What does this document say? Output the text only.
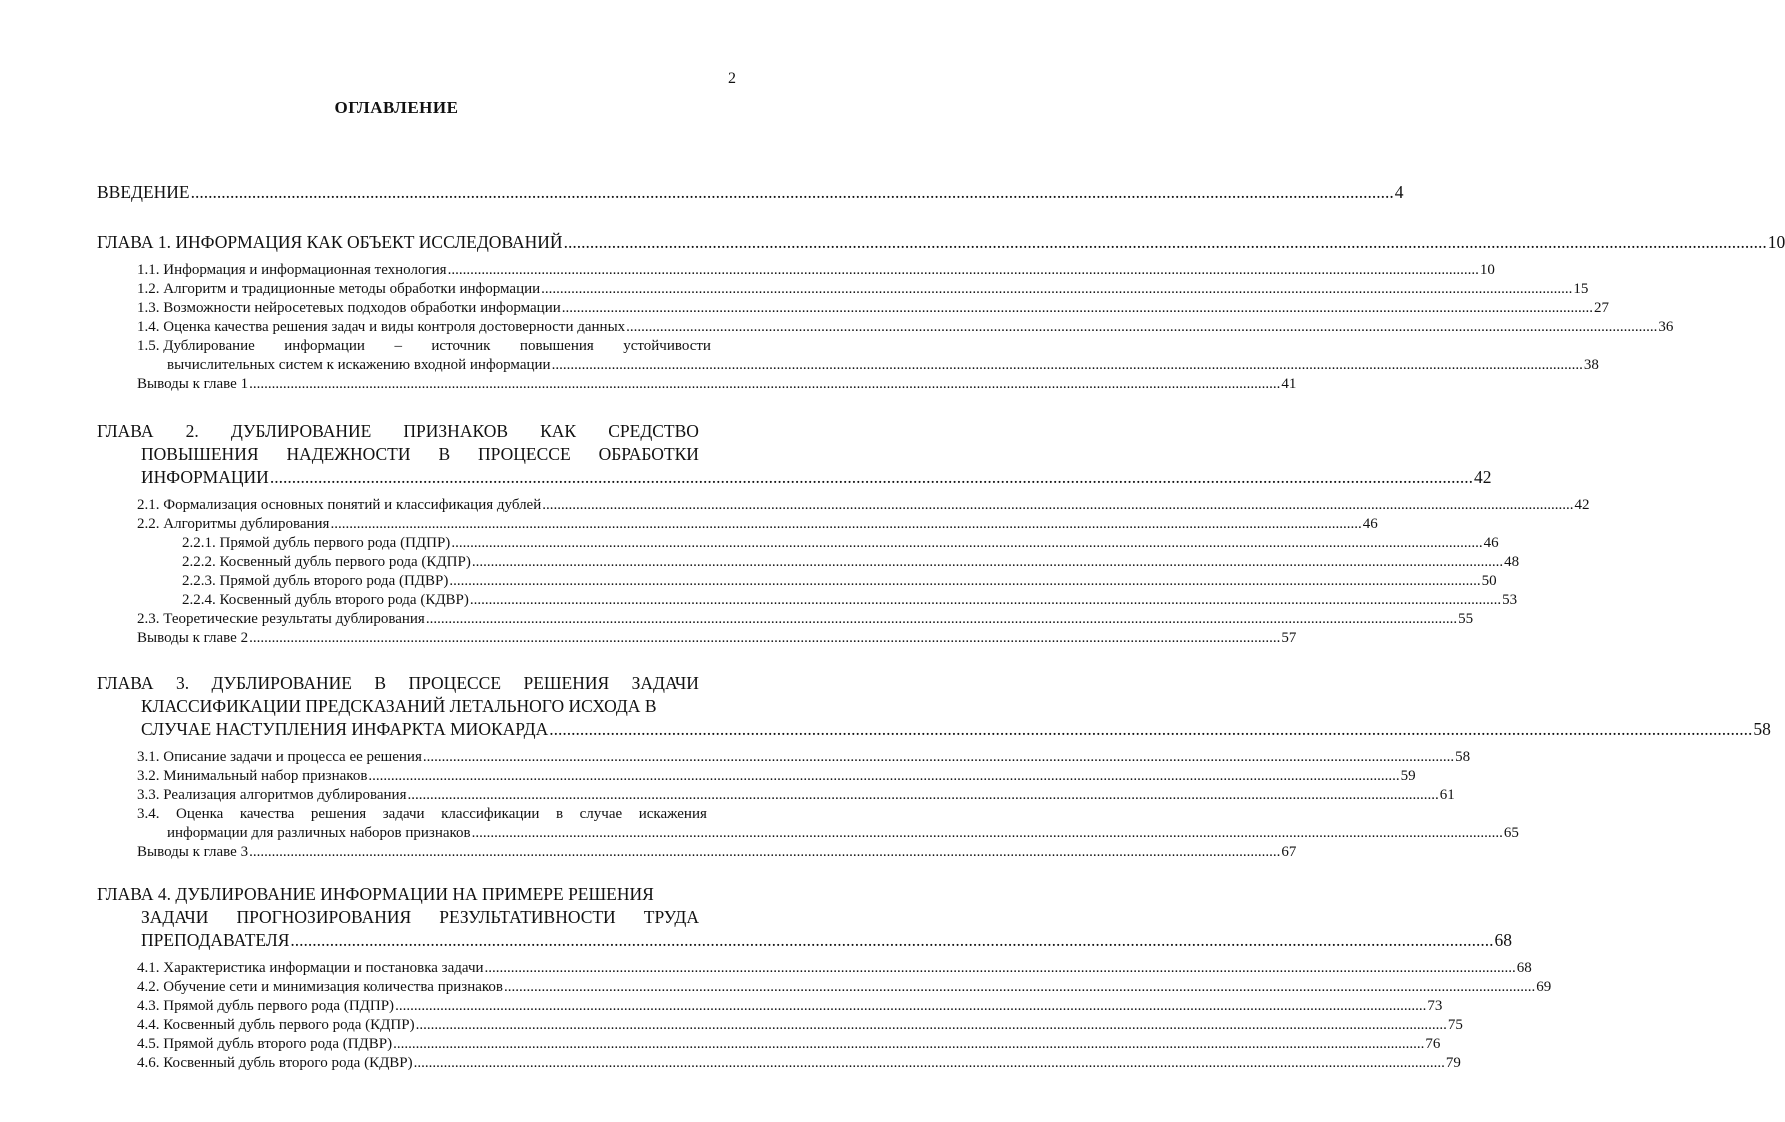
2
ОГЛАВЛЕНИЕ
ВВЕДЕНИЕ .....	4
ГЛАВА 1. ИНФОРМАЦИЯ КАК ОБЪЕКТ ИССЛЕДОВАНИЙ .....	10
1.1. Информация и информационная технология .....	10
1.2. Алгоритм и традиционные методы обработки информации .....	15
1.3. Возможности нейросетевых подходов обработки информации .....	27
1.4. Оценка качества решения задач и виды контроля достоверности данных .....	36
1.5. Дублирование информации – источник повышения устойчивости
вычислительных систем к искажению входной информации .....	38
Выводы к главе 1 .....	41
ГЛАВА 2. ДУБЛИРОВАНИЕ ПРИЗНАКОВ КАК СРЕДСТВО
ПОВЫШЕНИЯ НАДЕЖНОСТИ В ПРОЦЕССЕ ОБРАБОТКИ
ИНФОРМАЦИИ .....	42
2.1. Формализация основных понятий и классификация дублей .....	42
2.2. Алгоритмы дублирования .....	46
2.2.1. Прямой дубль первого рода (ПДПР) .....	46
2.2.2. Косвенный дубль первого рода (КДПР) .....	48
2.2.3. Прямой дубль второго рода (ПДВР) .....	50
2.2.4. Косвенный дубль второго рода (КДВР) .....	53
2.3. Теоретические результаты дублирования .....	55
Выводы к главе 2 .....	57
ГЛАВА 3. ДУБЛИРОВАНИЕ В ПРОЦЕССЕ РЕШЕНИЯ ЗАДАЧИ
КЛАССИФИКАЦИИ ПРЕДСКАЗАНИЙ ЛЕТАЛЬНОГО ИСХОДА В
СЛУЧАЕ НАСТУПЛЕНИЯ ИНФАРКТА МИОКАРДА .....	58
3.1. Описание задачи и процесса ее решения .....	58
3.2. Минимальный набор признаков .....	59
3.3. Реализация алгоритмов дублирования .....	61
3.4. Оценка качества решения задачи классификации в случае искажения
информации для различных наборов признаков .....	65
Выводы к главе 3 .....	67
ГЛАВА 4. ДУБЛИРОВАНИЕ ИНФОРМАЦИИ НА ПРИМЕРЕ РЕШЕНИЯ
ЗАДАЧИ ПРОГНОЗИРОВАНИЯ РЕЗУЛЬТАТИВНОСТИ ТРУДА
ПРЕПОДАВАТЕЛЯ .....	68
4.1. Характеристика информации и постановка задачи .....	68
4.2. Обучение сети и минимизация количества признаков .....	69
4.3. Прямой дубль первого рода (ПДПР) .....	73
4.4. Косвенный дубль первого рода (КДПР) .....	75
4.5. Прямой дубль второго рода (ПДВР) .....	76
4.6. Косвенный дубль второго рода (КДВР) .....	79
